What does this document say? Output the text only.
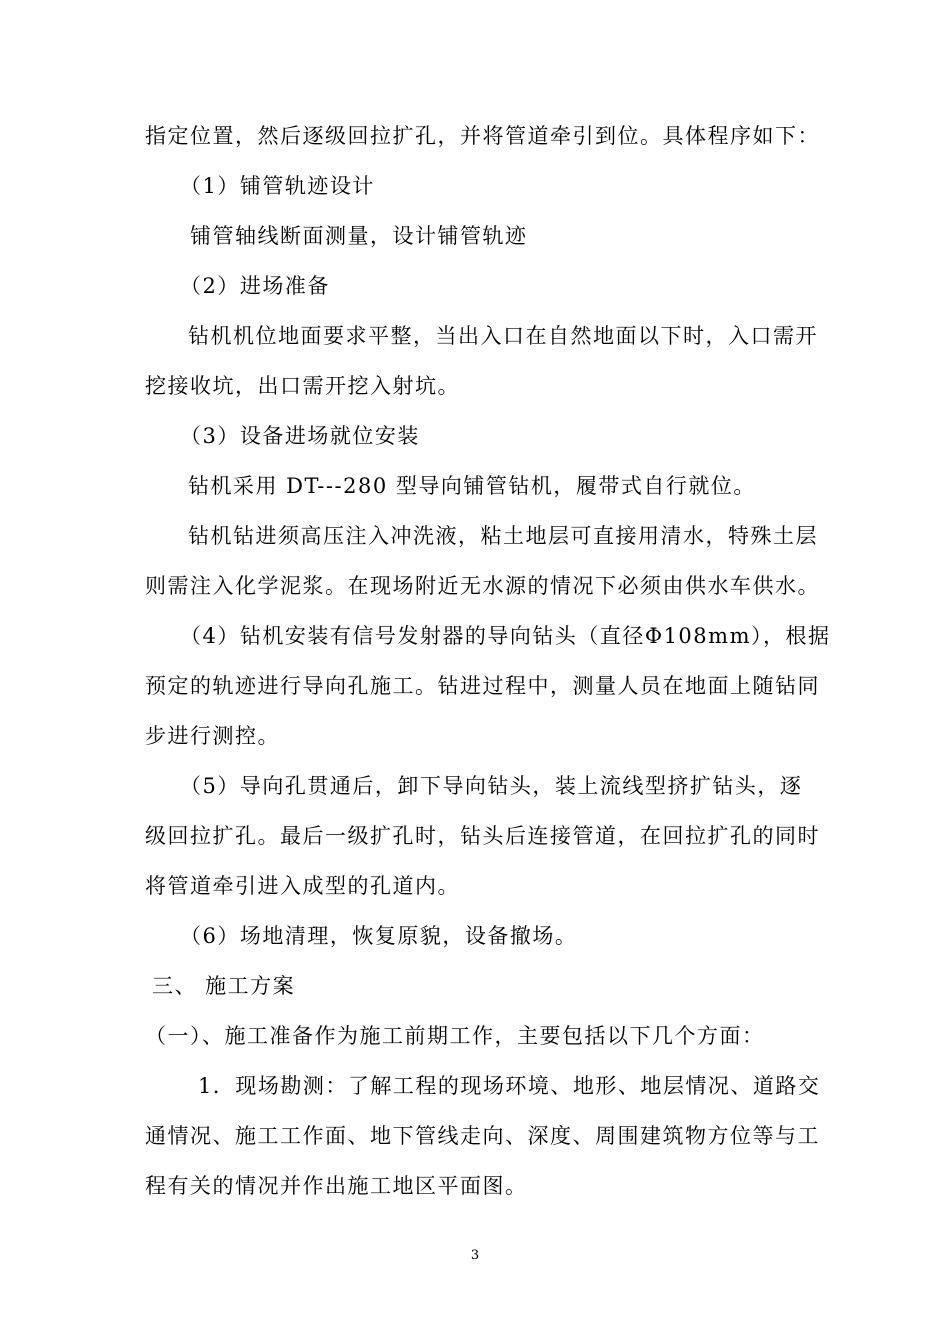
指定位置，然后逐级回拉扩孔，并将管道牵引到位。具体程序如下：
（1）铺管轨迹设计
铺管轴线断面测量，设计铺管轨迹
（2）进场准备
钻机机位地面要求平整，当出入口在自然地面以下时，入口需开
挖接收坑，出口需开挖入射坑。
（3）设备进场就位安装
钻机采用 DT---280 型导向铺管钻机，履带式自行就位。
钻机钻进须高压注入冲洗液，粘土地层可直接用清水，特殊土层
则需注入化学泥浆。在现场附近无水源的情况下必须由供水车供水。
（4）钻机安装有信号发射器的导向钻头（直径Φ108mm），根据
预定的轨迹进行导向孔施工。钻进过程中，测量人员在地面上随钻同
步进行测控。
（5）导向孔贯通后，卸下导向钻头，装上流线型挤扩钻头，逐
级回拉扩孔。最后一级扩孔时，钻头后连接管道，在回拉扩孔的同时
将管道牵引进入成型的孔道内。
（6）场地清理，恢复原貌，设备撤场。
三、 施工方案
（一）、施工准备作为施工前期工作，主要包括以下几个方面：
1．现场勘测：了解工程的现场环境、地形、地层情况、道路交
通情况、施工工作面、地下管线走向、深度、周围建筑物方位等与工
程有关的情况并作出施工地区平面图。
3
